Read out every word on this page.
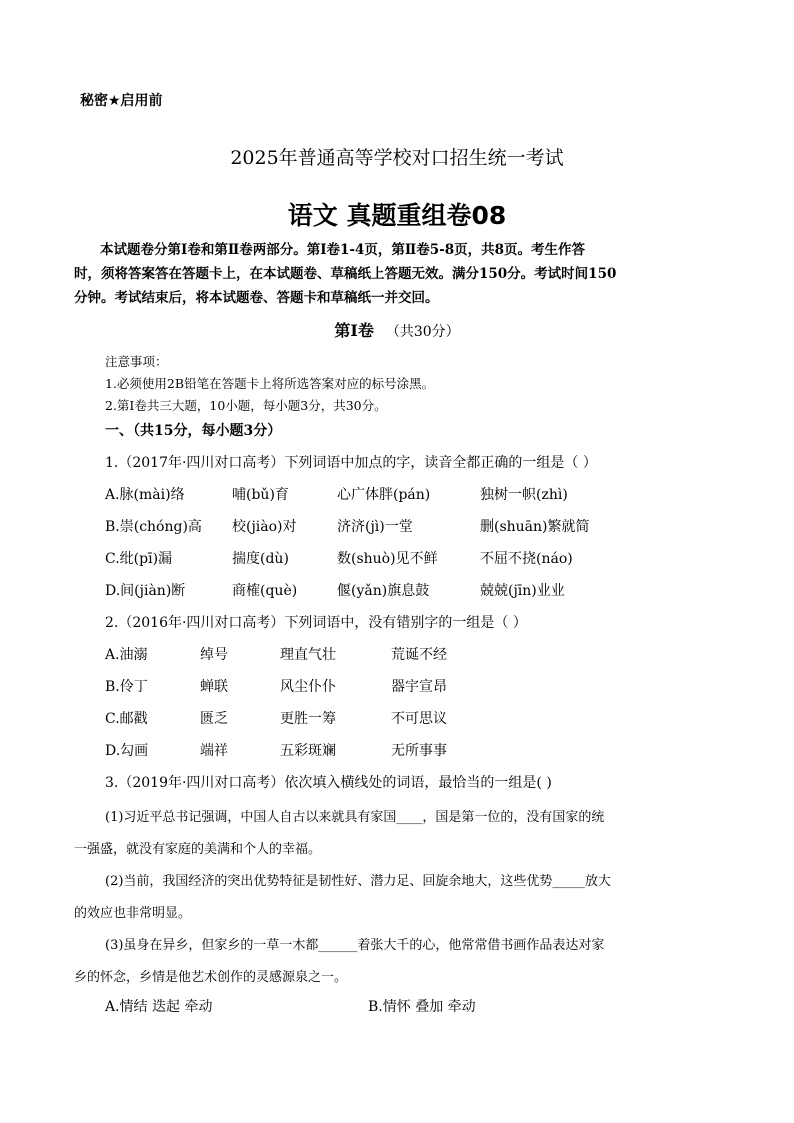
秘密★启用前
2025年普通高等学校对口招生统一考试
语文 真题重组卷08

本试题卷分第Ⅰ卷和第Ⅱ卷两部分。第Ⅰ卷1-4页，第Ⅱ卷5-8页，共8页。考生作答

时，须将答案答在答题卡上，在本试题卷、草稿纸上答题无效。满分150分。考试时间150

分钟。考试结束后，将本试题卷、答题卡和草稿纸一并交回。

第Ⅰ卷 （共30分）
注意事项：
1.必须使用2B铅笔在答题卡上将所选答案对应的标号涂黑。
2.第Ⅰ卷共三大题，10小题，每小题3分，共30分。
一、（共15分，每小题3分）
1.（2017年·四川对口高考）下列词语中加点的字，读音全都正确的一组是（ ）
A.脉(mài)络	哺(bǔ)育	心广体胖(pán)	独树一帜(zhì)
B.崇(chóng)高 校(jiào)对	济济(jì)一堂	删(shuān)繁就简
C.纰(pī)漏	揣度(dù)	数(shuò)见不鲜	不屈不挠(náo)
D.间(jiàn)断	商榷(què)	偃(yǎn)旗息鼓	兢兢(jīn)业业
2.（2016年·四川对口高考）下列词语中，没有错别字的一组是（ ）
A.油溺	绰号	理直气壮	荒诞不经
B.伶丁	蝉联	风尘仆仆	器宇宣昂
C.邮戳	匮乏	更胜一筹	不可思议
D.勾画	端祥	五彩斑斓	无所事事
3.（2019年·四川对口高考）依次填入横线处的词语，最恰当的一组是( )
(1)习近平总书记强调，中国人自古以来就具有家国____，国是第一位的，没有国家的统
一强盛，就没有家庭的美满和个人的幸福。
(2)当前，我国经济的突出优势特征是韧性好、潜力足、回旋余地大，这些优势_____放大
的效应也非常明显。
(3)虽身在异乡，但家乡的一草一木都______着张大千的心，他常常借书画作品表达对家
乡的怀念，乡情是他艺术创作的灵感源泉之一。
A.情结 迭起 牵动	B.情怀 叠加 牵动
